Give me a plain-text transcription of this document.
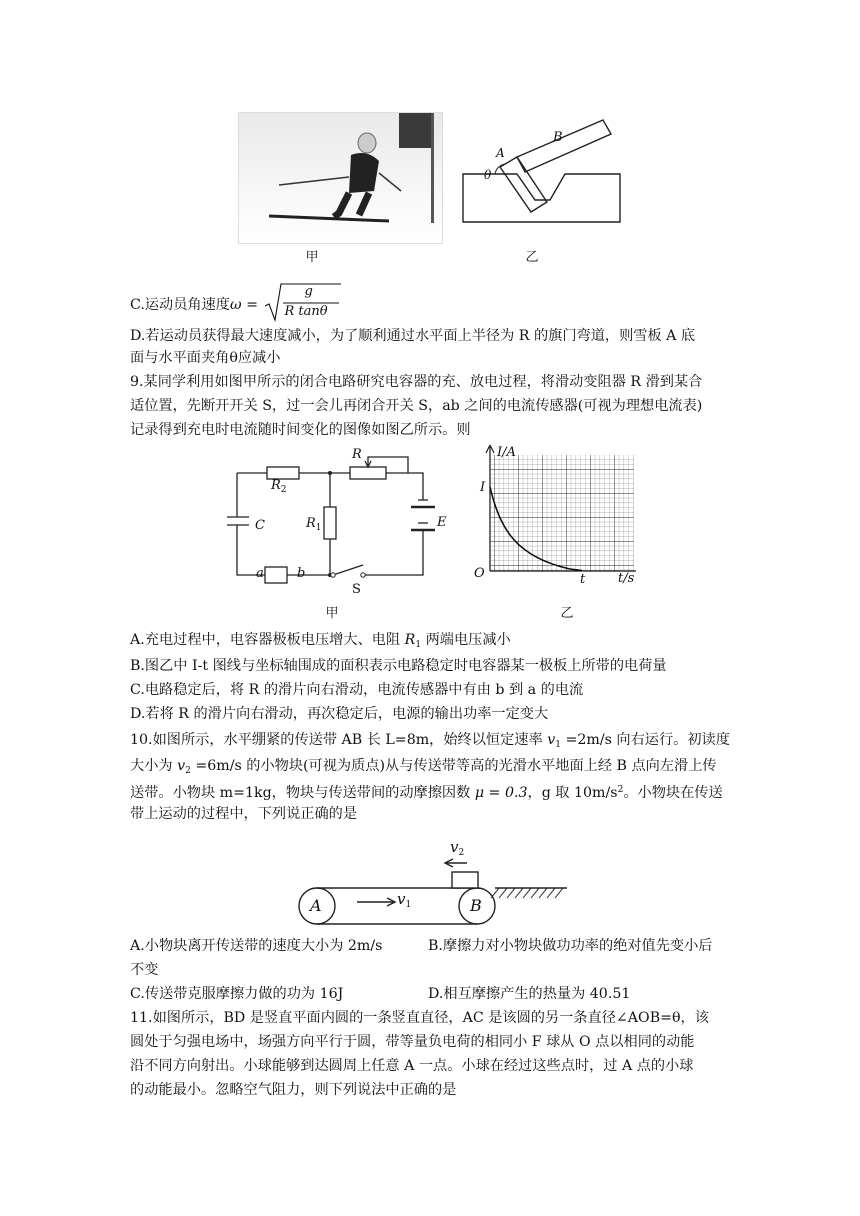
A
B
θ
甲	乙
C.运动员角速度ω =
g
R tanθ
D.若运动员获得最大速度减小，为了顺利通过水平面上半径为 R 的旗门弯道，则雪板 A 底
面与水平面夹角θ应减小
9.某同学利用如图甲所示的闭合电路研究电容器的充、放电过程，将滑动变阻器 R 滑到某合
适位置，先断开开关 S，过一会儿再闭合开关 S，ab 之间的电流传感器(可视为理想电流表)
记录得到充电时电流随时间变化的图像如图乙所示。则
R
$R_2$
$R_1$
C	E
a	b
S
甲
I/A
I
O	t	t/s
乙
A.充电过程中，电容器极板电压增大、电阻 $R_1$ 两端电压减小
B.图乙中 I-t 图线与坐标轴围成的面积表示电路稳定时电容器某一极板上所带的电荷量
C.电路稳定后，将 R 的滑片向右滑动，电流传感器中有由 b 到 a 的电流
D.若将 R 的滑片向右滑动，再次稳定后，电源的输出功率一定变大
10.如图所示，水平绷紧的传送带 AB 长 L=8m，始终以恒定速率 $v_1 =2m/s$ 向右运行。初读度
大小为 $v_2 =6m/s$ 的小物块(可视为质点)从与传送带等高的光滑水平地面上经 B 点向左滑上传
送带。小物块 m=1kg，物块与传送带间的动摩擦因数 μ = 0.3，g 取 $10m/s^2$。小物块在传送
带上运动的过程中，下列说正确的是
$v_2$
$v_1$
A	B
A.小物块离开传送带的速度大小为 2m/s	B.摩擦力对小物块做功功率的绝对值先变小后
不变
C.传送带克服摩擦力做的功为 16J	D.相互摩擦产生的热量为 40.51
11.如图所示，BD 是竖直平面内圆的一条竖直直径，AC 是该圆的另一条直径∠AOB=θ，该
圆处于匀强电场中，场强方向平行于圆，带等量负电荷的相同小 F 球从 O 点以相同的动能
沿不同方向射出。小球能够到达圆周上任意 A 一点。小球在经过这些点时，过 A 点的小球
的动能最小。忽略空气阻力，则下列说法中正确的是
